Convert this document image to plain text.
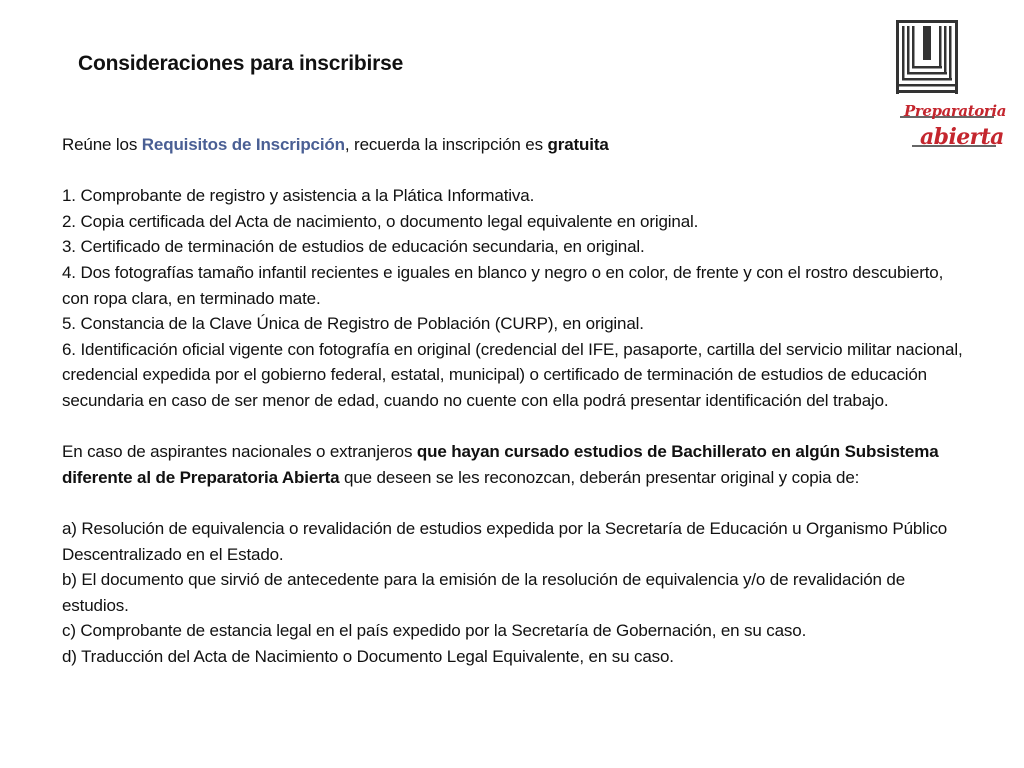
Consideraciones para inscribirse
Preparatoria
abierta

Reúne los Requisitos de Inscripción, recuerda la inscripción es gratuita

1. Comprobante de registro y asistencia a la Plática Informativa.

2. Copia certificada del Acta de nacimiento, o documento legal equivalente en original.

3. Certificado de terminación de estudios de educación secundaria, en original.

4. Dos fotografías tamaño infantil recientes e iguales en blanco y negro o en color, de frente y con el rostro descubierto, con ropa clara, en terminado mate.

5. Constancia de la Clave Única de Registro de Población (CURP), en original.

6. Identificación oficial vigente con fotografía en original (credencial del IFE, pasaporte, cartilla del servicio militar nacional, credencial expedida por el gobierno federal, estatal, municipal) o certificado de terminación de estudios de educación secundaria en caso de ser menor de edad, cuando no cuente con ella podrá presentar identificación del trabajo.

En caso de aspirantes nacionales o extranjeros que hayan cursado estudios de Bachillerato en algún Subsistema diferente al de Preparatoria Abierta que deseen se les reconozcan, deberán presentar original y copia de:

a) Resolución de equivalencia o revalidación de estudios expedida por la Secretaría de Educación u Organismo Público Descentralizado en el Estado.

b) El documento que sirvió de antecedente para la emisión de la resolución de equivalencia y/o de revalidación de estudios.

c) Comprobante de estancia legal en el país expedido por la Secretaría de Gobernación, en su caso.

d) Traducción del Acta de Nacimiento o Documento Legal Equivalente, en su caso.
